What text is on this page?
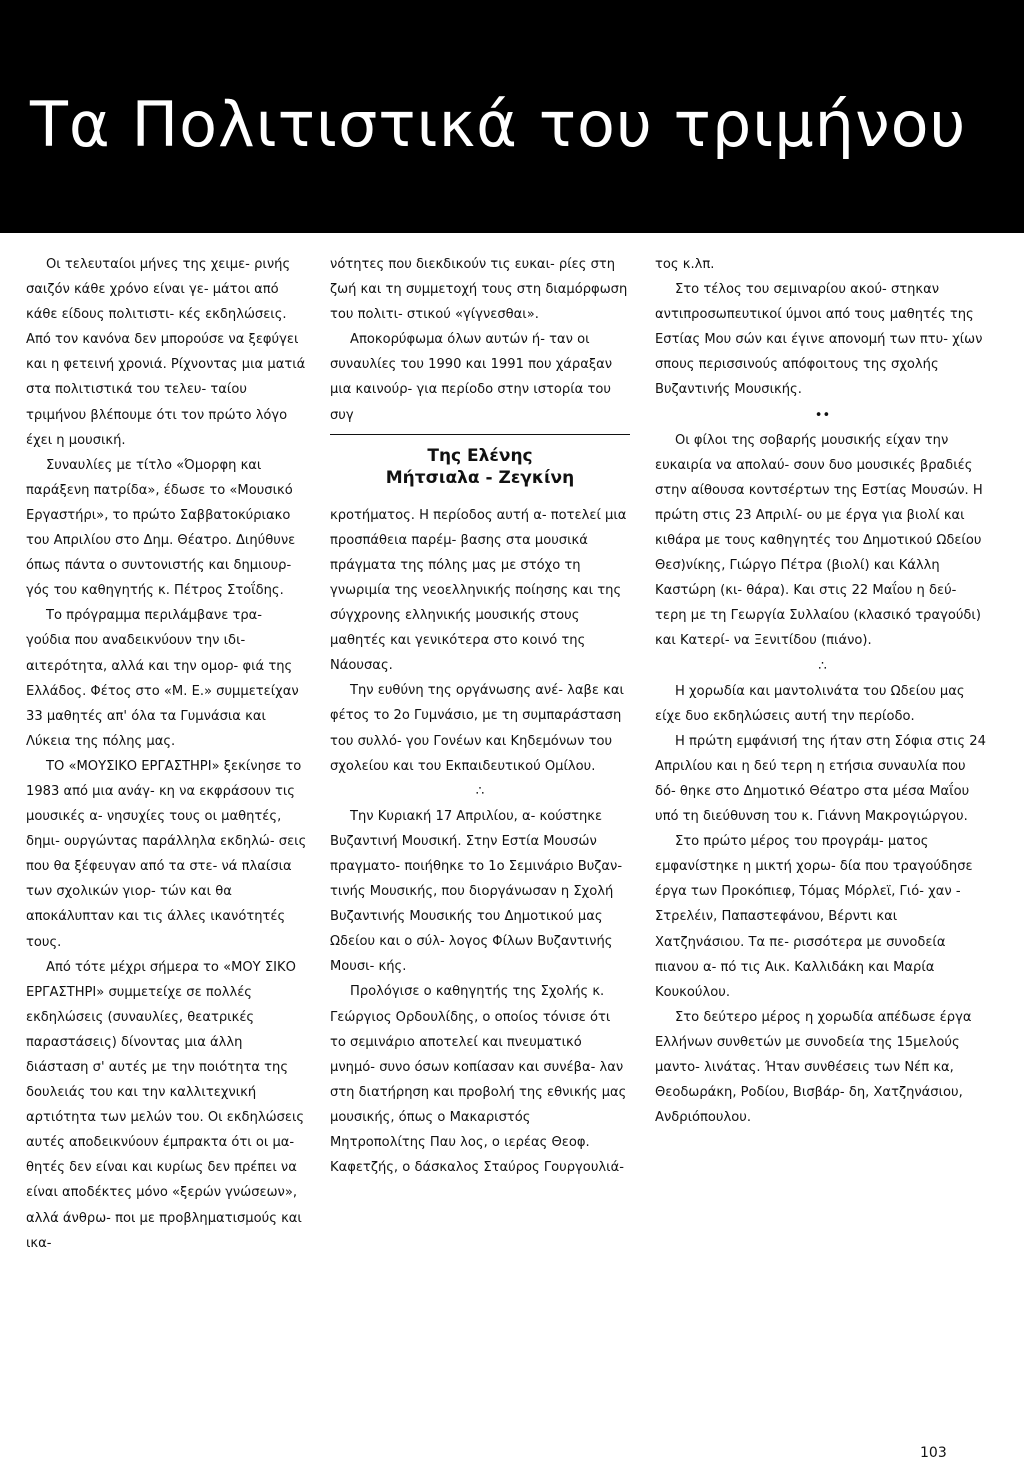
Τα Πολιτιστικά του τριμήνου

Οι τελευταίοι μήνες της χειμε- ρινής σαιζόν κάθε χρόνο είναι γε- μάτοι από κάθε είδους πολιτιστι- κές εκδηλώσεις. Από τον κανόνα δεν μπορούσε να ξεφύγει και η φετεινή χρονιά. Ρίχνοντας μια ματιά στα πολιτιστικά του τελευ- ταίου τριμήνου βλέπουμε ότι τον πρώτο λόγο έχει η μουσική.

Συναυλίες με τίτλο «Όμορφη και παράξενη πατρίδα», έδωσε το «Μουσικό Εργαστήρι», το πρώτο Σαββατοκύριακο του Απριλίου στο Δημ. Θέατρο. Διηύθυνε όπως πάντα ο συντονιστής και δημιουρ- γός του καθηγητής κ. Πέτρος Στοΐδης.

Το πρόγραμμα περιλάμβανε τρα- γούδια που αναδεικνύουν την ιδι- αιτερότητα, αλλά και την ομορ- φιά της Ελλάδος. Φέτος στο «Μ. Ε.» συμμετείχαν 33 μαθητές απ' όλα τα Γυμνάσια και Λύκεια της πόλης μας.

ΤΟ «ΜΟΥΣΙΚΟ ΕΡΓΑΣΤΗΡΙ» ξεκίνησε το 1983 από μια ανάγ- κη να εκφράσουν τις μουσικές α- νησυχίες τους οι μαθητές, δημι- ουργώντας παράλληλα εκδηλώ- σεις που θα ξέφευγαν από τα στε- νά πλαίσια των σχολικών γιορ- τών και θα αποκάλυπταν και τις άλλες ικανότητές τους.

Από τότε μέχρι σήμερα το «ΜΟΥ ΣΙΚΟ ΕΡΓΑΣΤΗΡΙ» συμμετείχε σε πολλές εκδηλώσεις (συναυλίες, θεατρικές παραστάσεις) δίνοντας μια άλλη διάσταση σ' αυτές με την ποιότητα της δουλειάς του και την καλλιτεχνική αρτιότητα των μελών του. Οι εκδηλώσεις αυτές αποδεικνύουν έμπρακτα ότι οι μα- θητές δεν είναι και κυρίως δεν πρέπει να είναι αποδέκτες μόνο «ξερών γνώσεων», αλλά άνθρω- ποι με προβληματισμούς και ικα-

νότητες που διεκδικούν τις ευκαι- ρίες στη ζωή και τη συμμετοχή τους στη διαμόρφωση του πολιτι- στικού «γίγνεσθαι».

Αποκορύφωμα όλων αυτών ή- ταν οι συναυλίες του 1990 και 1991 που χάραξαν μια καινούρ- για περίοδο στην ιστορία του συγ

Της Ελένης
Μήτσιαλα - Ζεγκίνη

κροτήματος. Η περίοδος αυτή α- ποτελεί μια προσπάθεια παρέμ- βασης στα μουσικά πράγματα της πόλης μας με στόχο τη γνωριμία της νεοελληνικής ποίησης και της σύγχρονης ελληνικής μουσικής στους μαθητές και γενικότερα στο κοινό της Νάουσας.

Την ευθύνη της οργάνωσης ανέ- λαβε και φέτος το 2ο Γυμνάσιο, με τη συμπαράσταση του συλλό- γου Γονέων και Κηδεμόνων του σχολείου και του Εκπαιδευτικού Ομίλου.

∴

Την Κυριακή 17 Απριλίου, α- κούστηκε Βυζαντινή Μουσική. Στην Εστία Μουσών πραγματο- ποιήθηκε το 1ο Σεμινάριο Βυζαν- τινής Μουσικής, που διοργάνωσαν η Σχολή Βυζαντινής Μουσικής του Δημοτικού μας Ωδείου και ο σύλ- λογος Φίλων Βυζαντινής Μουσι- κής.

Προλόγισε ο καθηγητής της Σχολής κ. Γεώργιος Ορδουλίδης, ο οποίος τόνισε ότι το σεμινάριο αποτελεί και πνευματικό μνημό- συνο όσων κοπίασαν και συνέβα- λαν στη διατήρηση και προβολή της εθνικής μας μουσικής, όπως ο Μακαριστός Μητροπολίτης Παυ λος, ο ιερέας Θεοφ. Καφετζής, ο δάσκαλος Σταύρος Γουργουλιά-

τος κ.λπ.

Στο τέλος του σεμιναρίου ακού- στηκαν αντιπροσωπευτικοί ύμνοι από τους μαθητές της Εστίας Μου σών και έγινε απονομή των πτυ- χίων σπους περισσινούς απόφοιτους της σχολής Βυζαντινής Μουσικής.

••

Οι φίλοι της σοβαρής μουσικής είχαν την ευκαιρία να απολαύ- σουν δυο μουσικές βραδιές στην αίθουσα κοντσέρτων της Εστίας Μουσών. Η πρώτη στις 23 Απριλί- ου με έργα για βιολί και κιθάρα με τους καθηγητές του Δημοτικού Ωδείου Θεσ)νίκης, Γιώργο Πέτρα (βιολί) και Κάλλη Καστώρη (κι- θάρα). Και στις 22 Μαΐου η δεύ- τερη με τη Γεωργία Συλλαίου (κλασικό τραγούδι) και Κατερί- να Ξενιτίδου (πιάνο).

∴

Η χορωδία και μαντολινάτα του Ωδείου μας είχε δυο εκδηλώσεις αυτή την περίοδο.

Η πρώτη εμφάνισή της ήταν στη Σόφια στις 24 Απριλίου και η δεύ τερη η ετήσια συναυλία που δό- θηκε στο Δημοτικό Θέατρο στα μέσα Μαΐου υπό τη διεύθυνση του κ. Γιάννη Μακρογιώργου.

Στο πρώτο μέρος του προγράμ- ματος εμφανίστηκε η μικτή χορω- δία που τραγούδησε έργα των Προκόπιεφ, Τόμας Μόρλεϊ, Γιό- χαν - Στρελέιν, Παπαστεφάνου, Βέρντι και Χατζηνάσιου. Τα πε- ρισσότερα με συνοδεία πιανου α- πό τις Αικ. Καλλιδάκη και Μαρία Κουκούλου.

Στο δεύτερο μέρος η χορωδία απέδωσε έργα Ελλήνων συνθετών με συνοδεία της 15μελούς μαντο- λινάτας. Ήταν συνθέσεις των Νέπ κα, Θεοδωράκη, Ροδίου, Βισβάρ- δη, Χατζηνάσιου, Ανδριόπουλου.

103
